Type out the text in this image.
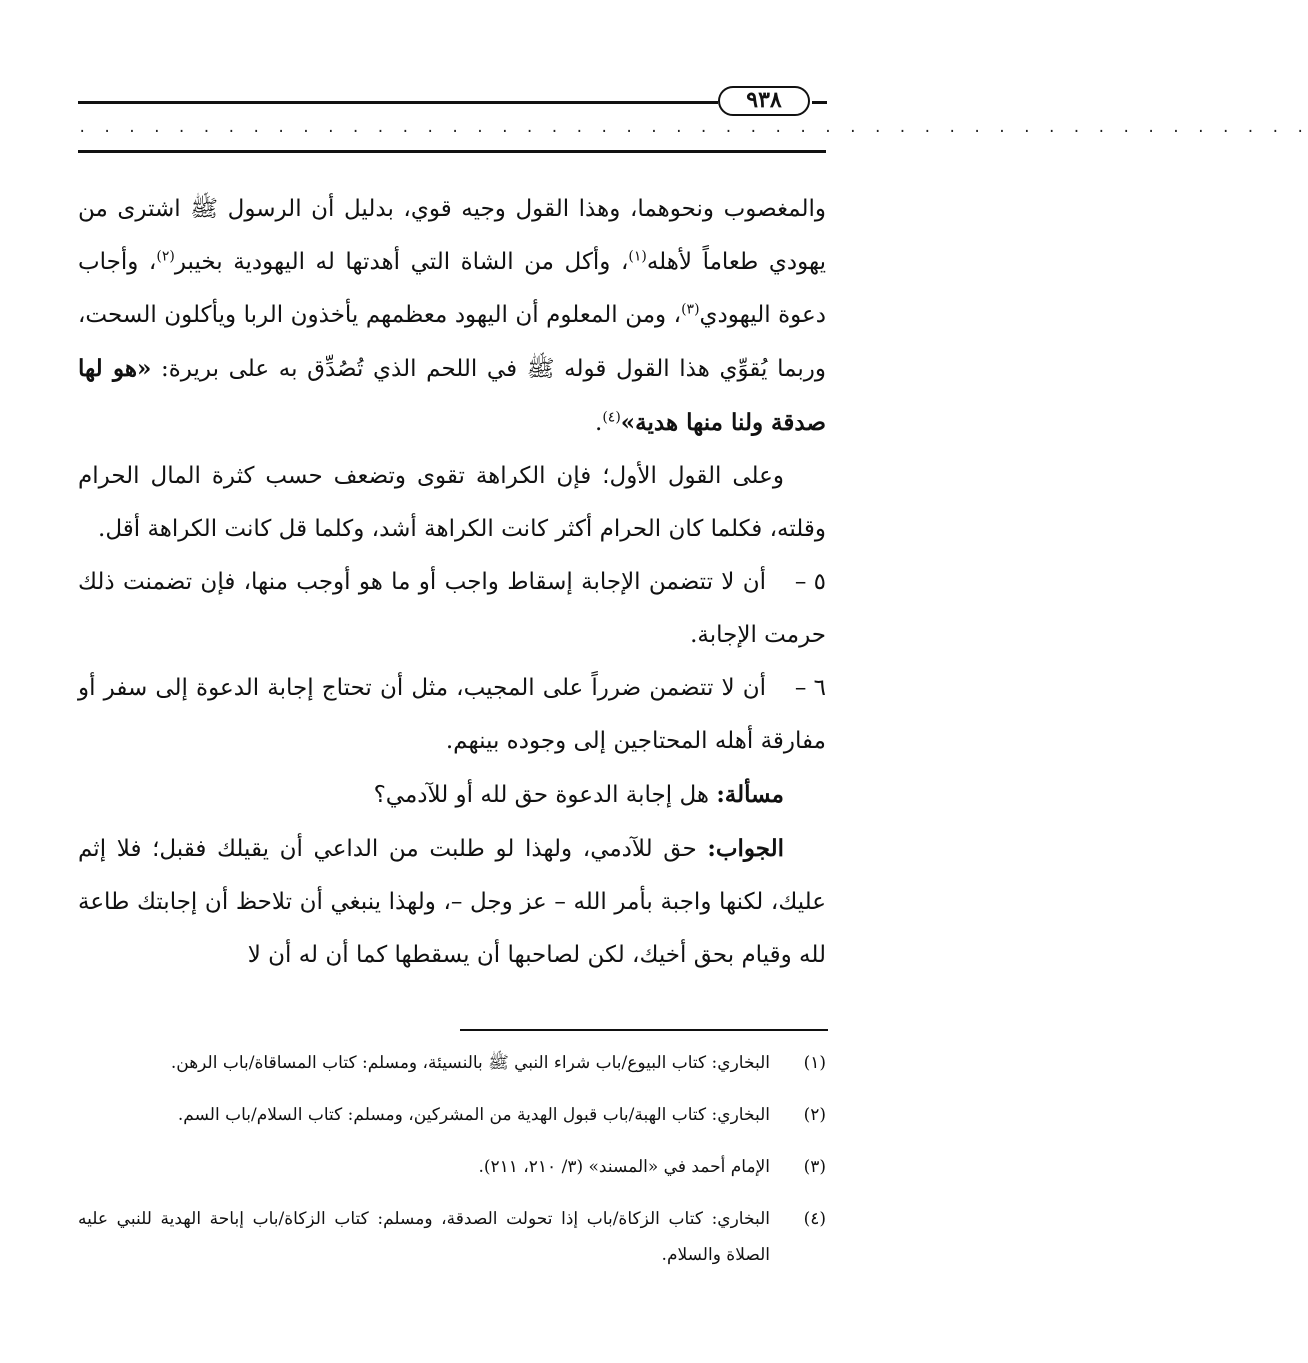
٩٣٨
. . . . . . . . . . . . . . . . . . . . . . . . . . . . . . . . . . . . . . . . . . . . . . . . . .

والمغصوب ونحوهما، وهذا القول وجيه قوي، بدليل أن الرسول ﷺ اشترى من يهودي طعاماً لأهله$^{(١)}$، وأكل من الشاة التي أهدتها له اليهودية بخيبر$^{(٢)}$، وأجاب دعوة اليهودي$^{(٣)}$، ومن المعلوم أن اليهود معظمهم يأخذون الربا ويأكلون السحت، وربما يُقوِّي هذا القول قوله ﷺ في اللحم الذي تُصُدِّق به على بريرة: «هو لها صدقة ولنا منها هدية»$^{(٤)}$.

وعلى القول الأول؛ فإن الكراهة تقوى وتضعف حسب كثرة المال الحرام وقلته، فكلما كان الحرام أكثر كانت الكراهة أشد، وكلما قل كانت الكراهة أقل.

٥ –أن لا تتضمن الإجابة إسقاط واجب أو ما هو أوجب منها، فإن تضمنت ذلك حرمت الإجابة.

٦ –أن لا تتضمن ضرراً على المجيب، مثل أن تحتاج إجابة الدعوة إلى سفر أو مفارقة أهله المحتاجين إلى وجوده بينهم.

مسألة: هل إجابة الدعوة حق لله أو للآدمي؟

الجواب: حق للآدمي، ولهذا لو طلبت من الداعي أن يقيلك فقبل؛ فلا إثم عليك، لكنها واجبة بأمر الله – عز وجل –، ولهذا ينبغي أن تلاحظ أن إجابتك طاعة لله وقيام بحق أخيك، لكن لصاحبها أن يسقطها كما أن له أن لا

(١)
البخاري: كتاب البيوع/باب شراء النبي ﷺ بالنسيئة، ومسلم: كتاب المساقاة/باب الرهن.
(٢)
البخاري: كتاب الهبة/باب قبول الهدية من المشركين، ومسلم: كتاب السلام/باب السم.
(٣)
الإمام أحمد في «المسند» (٣/ ٢١٠، ٢١١).
(٤)
البخاري: كتاب الزكاة/باب إذا تحولت الصدقة، ومسلم: كتاب الزكاة/باب إباحة الهدية للنبي عليه الصلاة والسلام.
